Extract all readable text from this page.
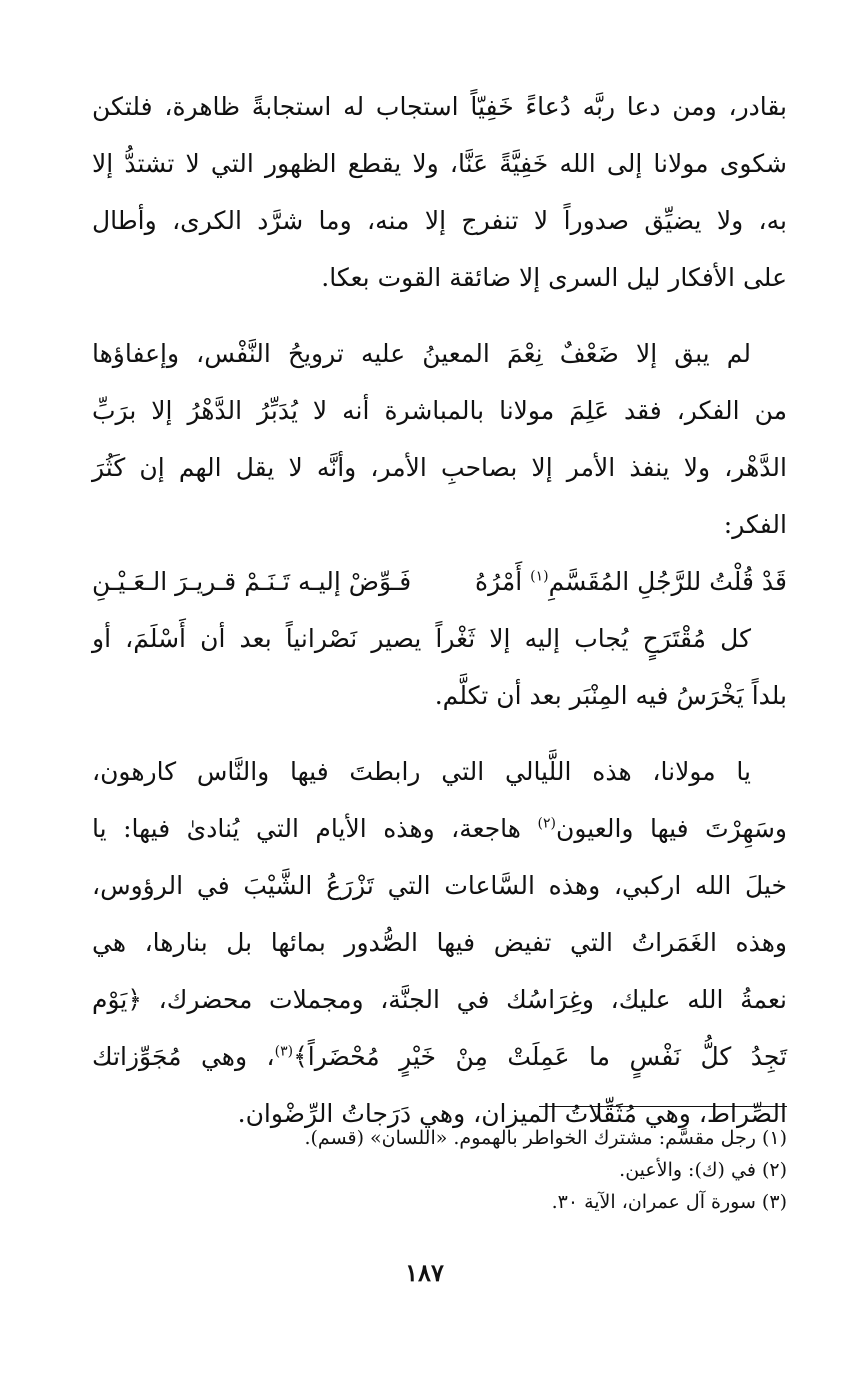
بقادر، ومن دعا ربَّه دُعاءً خَفِيّاً استجاب له استجابةً ظاهرة، فلتكن
شكوى مولانا إلى الله خَفِيَّةً عَنَّا، ولا يقطع الظهور التي لا تشتدُّ إلا
به، ولا يضيِّق صدوراً لا تنفرج إلا منه، وما شرَّد الكرى، وأطال
على الأفكار ليل السرى إلا ضائقة القوت بعكا.
لم يبق إلا ضَعْفٌ نِعْمَ المعينُ عليه ترويحُ النَّفْس، وإعفاؤها
من الفكر، فقد عَلِمَ مولانا بالمباشرة أنه لا يُدَبِّرُ الدَّهْرُ إلا برَبِّ
الدَّهْر، ولا ينفذ الأمر إلا بصاحبِ الأمر، وأنَّه لا يقل الهم إن كَثُرَ
الفكر:
قَدْ قُلْتُ للرَّجُلِ المُقَسَّمِ$^{(١)}$ أَمْرُهُ
فَـوِّضْ إليـه تَـنَـمْ قـريـرَ الـعَـيْـنِ
كل مُقْتَرَحٍ يُجاب إليه إلا ثَغْراً يصير نَصْرانياً بعد أن أَسْلَمَ، أو
بلداً يَخْرَسُ فيه المِنْبَر بعد أن تكلَّم.
يا مولانا، هذه اللَّيالي التي رابطتَ فيها والنَّاس كارهون،
وسَهِرْتَ فيها والعيون$^{(٢)}$ هاجعة، وهذه الأيام التي يُنادىٰ فيها: يا
خيلَ الله اركبي، وهذه السَّاعات التي تَزْرَعُ الشَّيْبَ في الرؤوس،
وهذه الغَمَراتُ التي تفيض فيها الصُّدور بمائها بل بنارها، هي
نعمةُ الله عليك، وغِرَاسُك في الجنَّة، ومجملات محضرك، ﴿يَوْم
تَجِدُ كلُّ نَفْسٍ ما عَمِلَتْ مِنْ خَيْرٍ مُحْضَراً﴾$^{(٣)}$، وهي مُجَوِّزاتك
الصِّراط، وهي مُثَقِّلاتُ الميزان، وهي دَرَجاتُ الرِّضْوان.
(١) رجل مقسَّم: مشترك الخواطر بالهموم. «اللسان» (قسم).
(٢) في (ك): والأعين.
(٣) سورة آل عمران، الآية ٣٠.
١٨٧
